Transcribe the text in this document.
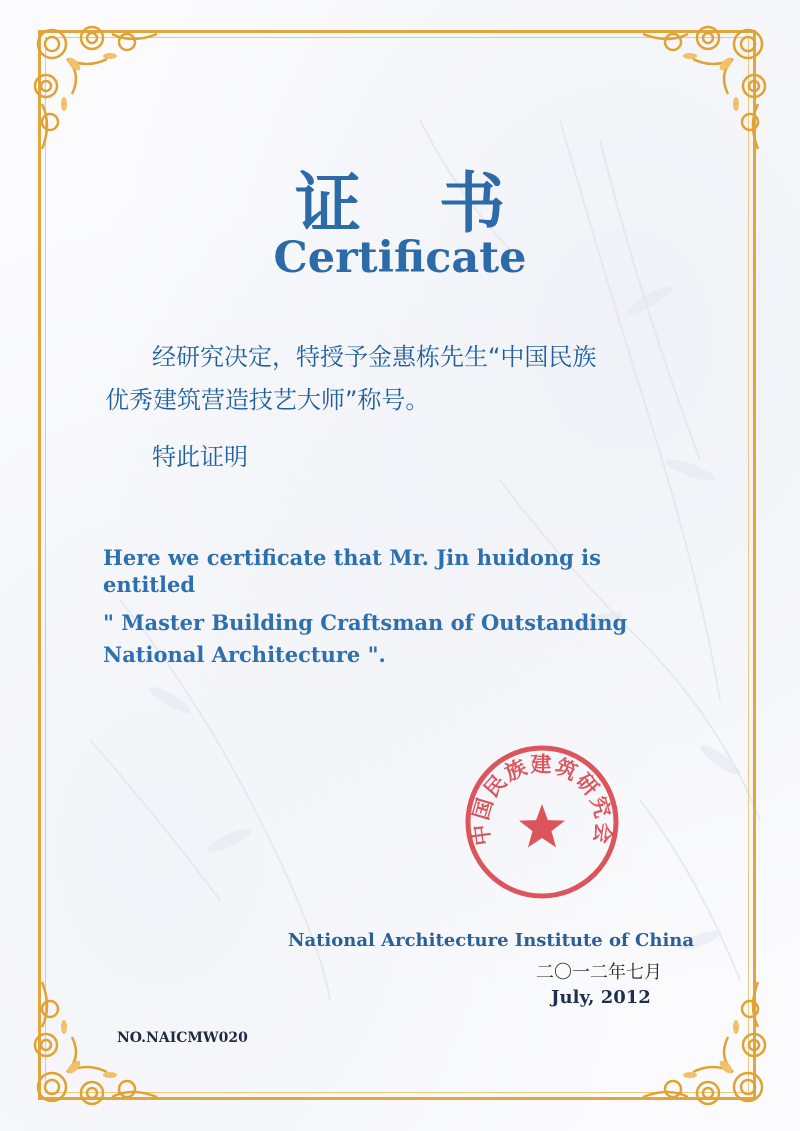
证书
Certificate
经研究决定，特授予金惠栋先生“中国民族
优秀建筑营造技艺大师”称号。
特此证明
Here we certificate that Mr. Jin huidong is
entitled
" Master Building Craftsman of Outstanding
National Architecture ".
中国民族建筑研究会
National Architecture Institute of China
二〇一二年七月
July, 2012
NO.NAICMW020
